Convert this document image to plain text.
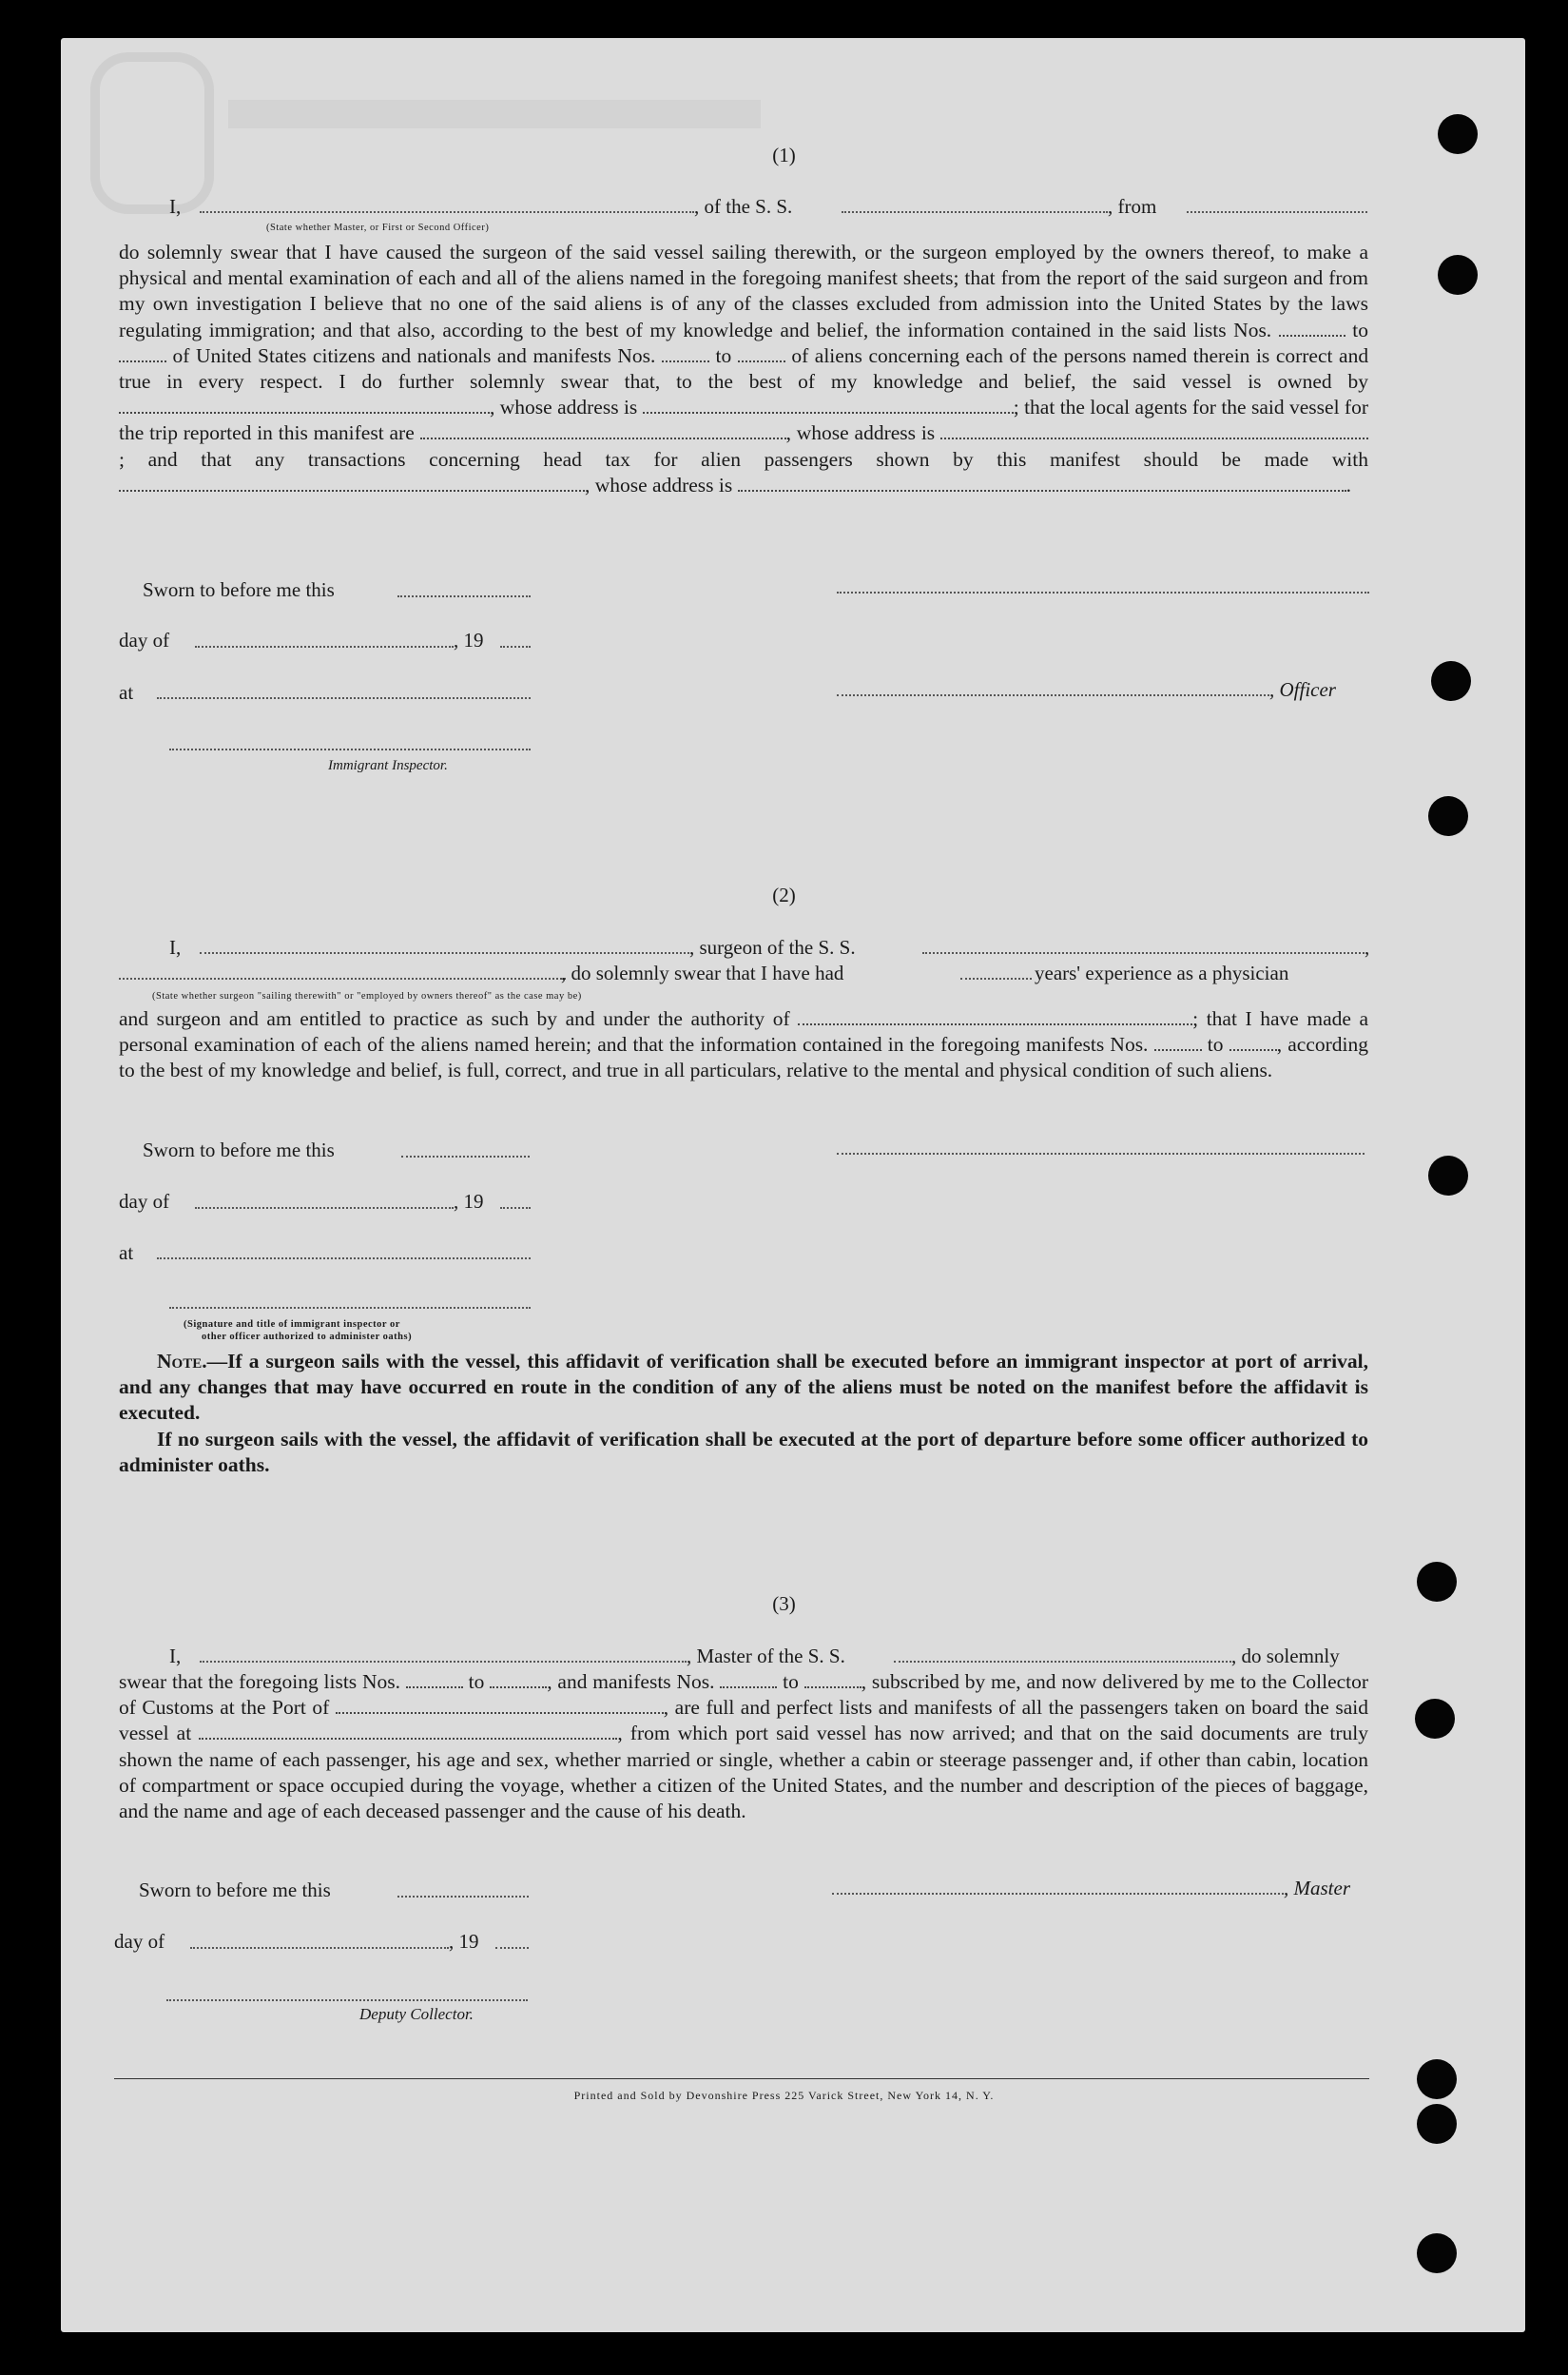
(1)
I,	, of the S. S.	, from
(State whether Master, or First or Second Officer)
do solemnly swear that I have caused the surgeon of the said vessel sailing therewith, or the surgeon employed by the owners thereof, to make a physical and mental examination of each and all of the aliens named in the foregoing manifest sheets; that from the report of the said surgeon and from my own investigation I believe that no one of the said aliens is of any of the classes excluded from admission into the United States by the laws regulating immigration; and that also, according to the best of my knowledge and belief, the information contained in the said lists Nos.	to  of United States citizens and nationals and manifests Nos.	to	of aliens concerning each of the persons named therein is correct and true in every respect. I do further solemnly swear that, to the best of my knowledge and belief, the said vessel is owned by , whose address is	; that the local agents for the said vessel for the trip reported in this manifest are	, whose address is ; and that any transactions concerning head tax for alien passengers shown by this manifest should be made with , whose address is	.
Sworn to before me this
day of	, 19
at	, Officer
Immigrant Inspector.
(2)
I,	, surgeon of the S. S.	,
, do solemnly swear that I have had	years' experience as a physician
(State whether surgeon "sailing therewith" or "employed by owners thereof" as the case may be)
and surgeon and am entitled to practice as such by and under the authority of	; that I have made a personal examination of each of the aliens named herein; and that the information contained in the foregoing manifests Nos.	to	, according to the best of my knowledge and belief, is full, correct, and true in all particulars, relative to the mental and physical condition of such aliens.
Sworn to before me this
day of	, 19
at
(Signature and title of immigrant inspector or
other officer authorized to administer oaths)
Note.—If a surgeon sails with the vessel, this affidavit of verification shall be executed before an immigrant inspector at port of arrival, and any changes that may have occurred en route in the condition of any of the aliens must be noted on the manifest before the affidavit is executed.
If no surgeon sails with the vessel, the affidavit of verification shall be executed at the port of departure before some officer authorized to administer oaths.
(3)
I,	, Master of the S. S.	, do solemnly
swear that the foregoing lists Nos.	to	, and manifests Nos.	to	, subscribed by me, and now delivered by me to the Collector of Customs at the Port of	, are full and perfect lists and manifests of all the passengers taken on board the said vessel at	, from which port said vessel has now arrived; and that on the said documents are truly shown the name of each passenger, his age and sex, whether married or single, whether a cabin or steerage passenger and, if other than cabin, location of compartment or space occupied during the voyage, whether a citizen of the United States, and the number and description of the pieces of baggage, and the name and age of each deceased passenger and the cause of his death.
Sworn to before me this	, Master
day of	, 19
Deputy Collector.
Printed and Sold by Devonshire Press 225 Varick Street, New York 14, N. Y.
